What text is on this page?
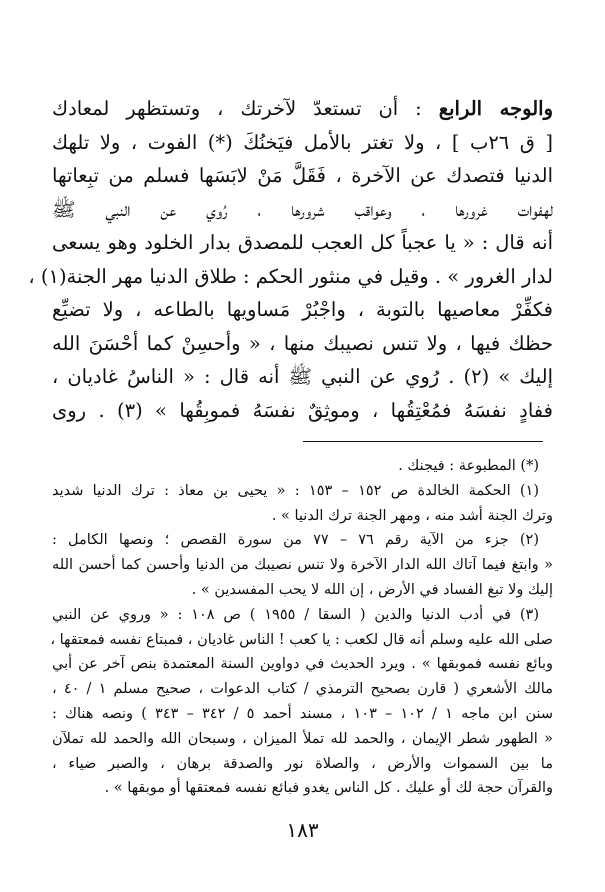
والوجه الرابع : أن تستعدّ لآخرتك ، وتستظهر لمعادك
[ ق ٢٦ب ] ، ولا تغتر بالأمل فيَخنُكَ (*) الفوت ، ولا تلهك
الدنيا فتصدك عن الآخرة ، فَقَلَّ مَنْ لابَسَها فسلم من تبِعاتها
لهفوات غرورها ، وعواقب شرورها ، رُوي عن النبي ﷺ
أنه قال : « يا عجباً كل العجب للمصدق بدار الخلود وهو يسعى
لدار الغرور » . وقيل في منثور الحكم : طلاق الدنيا مهر الجنة(١) ،
فكفِّرْ معاصيها بالتوبة ، واجْبُرْ مَساويها بالطاعه ، ولا تضيِّع
حظك فيها ، ولا تنس نصيبك منها ، « وأحسِنْ كما أحْسَنَ الله
إليك » (٢) . رُوي عن النبي ﷺ أنه قال : « الناسُ غاديان ،
ففادٍ نفسَهُ فمُعْتِقُها ، وموثِقٌ نفسَهُ فموبِقُها » (٣) . روى
(*) المطبوعة : فيجنك .
(١) الحكمة الخالدة ص ١٥٢ – ١٥٣ : « يحيى بن معاذ : ترك الدنيا شديد
وترك الجنة أشد منه ، ومهر الجنة ترك الدنيا » .
(٢) جزء من الآية رقم ٧٦ – ٧٧ من سورة القصص ؛ ونصها الكامل :
« وابتغ فيما آتاك الله الدار الآخرة ولا تنس نصيبك من الدنيا وأحسن كما أحسن الله
إليك ولا تبغ الفساد في الأرض ، إن الله لا يحب المفسدين » .
(٣) في أدب الدنيا والدين ( السقا / ١٩٥٥ ) ص ١٠٨ : « وروي عن النبي
صلى الله عليه وسلم أنه قال لكعب : يا كعب ! الناس غاديان ، فمبتاع نفسه فمعتقها ،
وبائع نفسه فموبقها » . ويرد الحديث في دواوين السنة المعتمدة بنص آخر عن أبي
مالك الأشعري ( قارن بصحيح الترمذي / كتاب الدعوات ، صحيح مسلم ١ / ٤٠ ،
سنن ابن ماجه ١ / ١٠٢ – ١٠٣ ، مسند أحمد ٥ / ٣٤٢ – ٣٤٣ ) ونصه هناك :
« الطهور شطر الإيمان ، والحمد لله تملأ الميزان ، وسبحان الله والحمد لله تملآن
ما بين السموات والأرض ، والصلاة نور والصدقة برهان ، والصبر ضياء ،
والقرآن حجة لك أو عليك . كل الناس يغدو فبائع نفسه فمعتقها أو موبقها » .
١٨٣
